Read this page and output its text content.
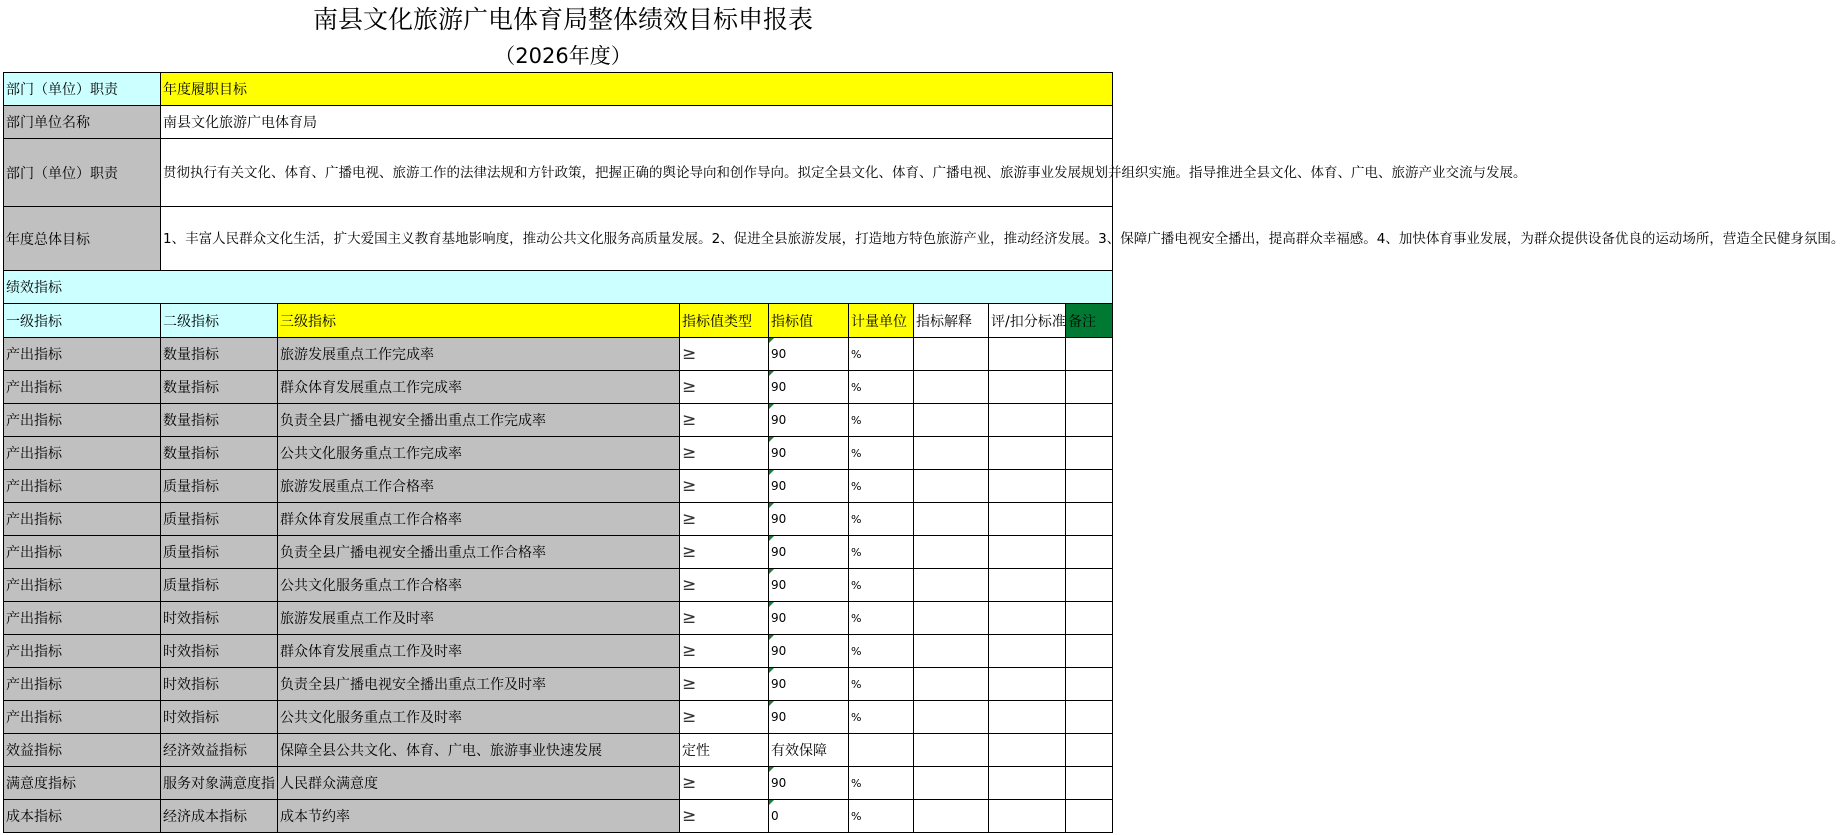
南县文化旅游广电体育局整体绩效目标申报表
（2026年度）
部门（单位）职责	年度履职目标							
部门单位名称	南县文化旅游广电体育局							
部门（单位）职责	贯彻执行有关文化、体育、广播电视、旅游工作的法律法规和方针政策，把握正确的舆论导向和创作导向。拟定全县文化、体育、广播电视、旅游事业发展规划并组织实施。指导推进全县文化、体育、广电、旅游产业交流与发展。							
年度总体目标	1、丰富人民群众文化生活，扩大爱国主义教育基地影响度，推动公共文化服务高质量发展。2、促进全县旅游发展，打造地方特色旅游产业，推动经济发展。3、保障广播电视安全播出，提高群众幸福感。4、加快体育事业发展，为群众提供设备优良的运动场所，营造全民健身氛围。							
绩效指标								
一级指标	二级指标	三级指标	指标值类型	指标值	计量单位	指标解释	评/扣分标准	备注
产出指标	数量指标	旅游发展重点工作完成率	≥	90	%			
产出指标	数量指标	群众体育发展重点工作完成率	≥	90	%			
产出指标	数量指标	负责全县广播电视安全播出重点工作完成率	≥	90	%			
产出指标	数量指标	公共文化服务重点工作完成率	≥	90	%			
产出指标	质量指标	旅游发展重点工作合格率	≥	90	%			
产出指标	质量指标	群众体育发展重点工作合格率	≥	90	%			
产出指标	质量指标	负责全县广播电视安全播出重点工作合格率	≥	90	%			
产出指标	质量指标	公共文化服务重点工作合格率	≥	90	%			
产出指标	时效指标	旅游发展重点工作及时率	≥	90	%			
产出指标	时效指标	群众体育发展重点工作及时率	≥	90	%			
产出指标	时效指标	负责全县广播电视安全播出重点工作及时率	≥	90	%			
产出指标	时效指标	公共文化服务重点工作及时率	≥	90	%			
效益指标	经济效益指标	保障全县公共文化、体育、广电、旅游事业快速发展	定性	有效保障				
满意度指标	服务对象满意度指	人民群众满意度	≥	90	%			
成本指标	经济成本指标	成本节约率	≥	0	%			
